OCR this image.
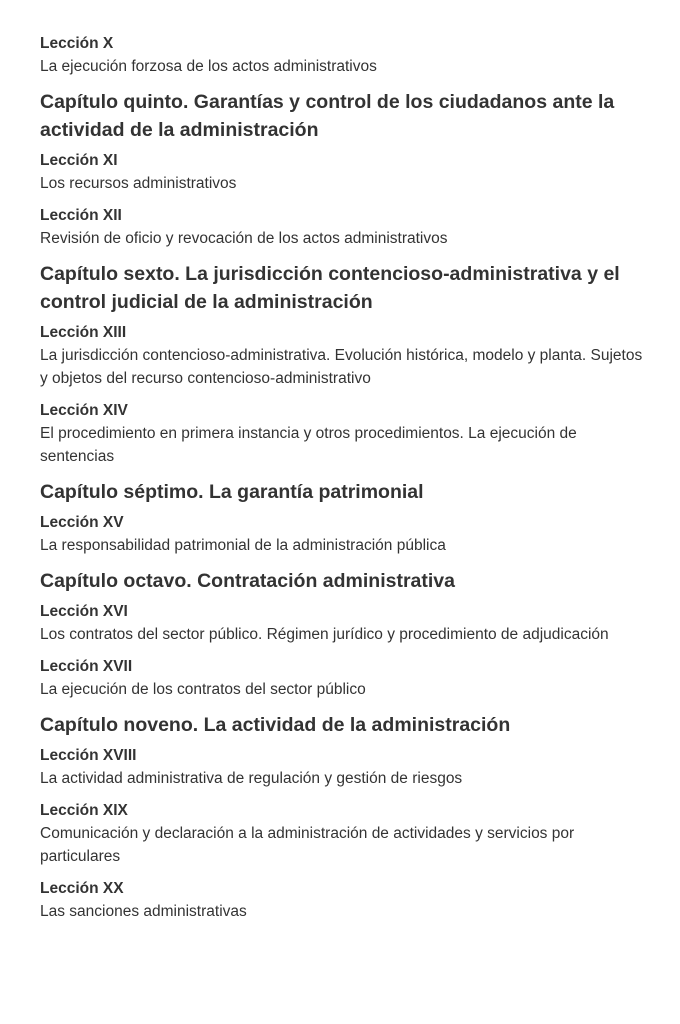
Lección X
La ejecución forzosa de los actos administrativos
Capítulo quinto. Garantías y control de los ciudadanos ante la actividad de la administración
Lección XI
Los recursos administrativos
Lección XII
Revisión de oficio y revocación de los actos administrativos
Capítulo sexto. La jurisdicción contencioso-administrativa y el control judicial de la administración
Lección XIII
La jurisdicción contencioso-administrativa. Evolución histórica, modelo y planta. Sujetos y objetos del recurso contencioso-administrativo
Lección XIV
El procedimiento en primera instancia y otros procedimientos. La ejecución de sentencias
Capítulo séptimo. La garantía patrimonial
Lección XV
La responsabilidad patrimonial de la administración pública
Capítulo octavo. Contratación administrativa
Lección XVI
Los contratos del sector público. Régimen jurídico y procedimiento de adjudicación
Lección XVII
La ejecución de los contratos del sector público
Capítulo noveno. La actividad de la administración
Lección XVIII
La actividad administrativa de regulación y gestión de riesgos
Lección XIX
Comunicación y declaración a la administración de actividades y servicios por particulares
Lección XX
Las sanciones administrativas
